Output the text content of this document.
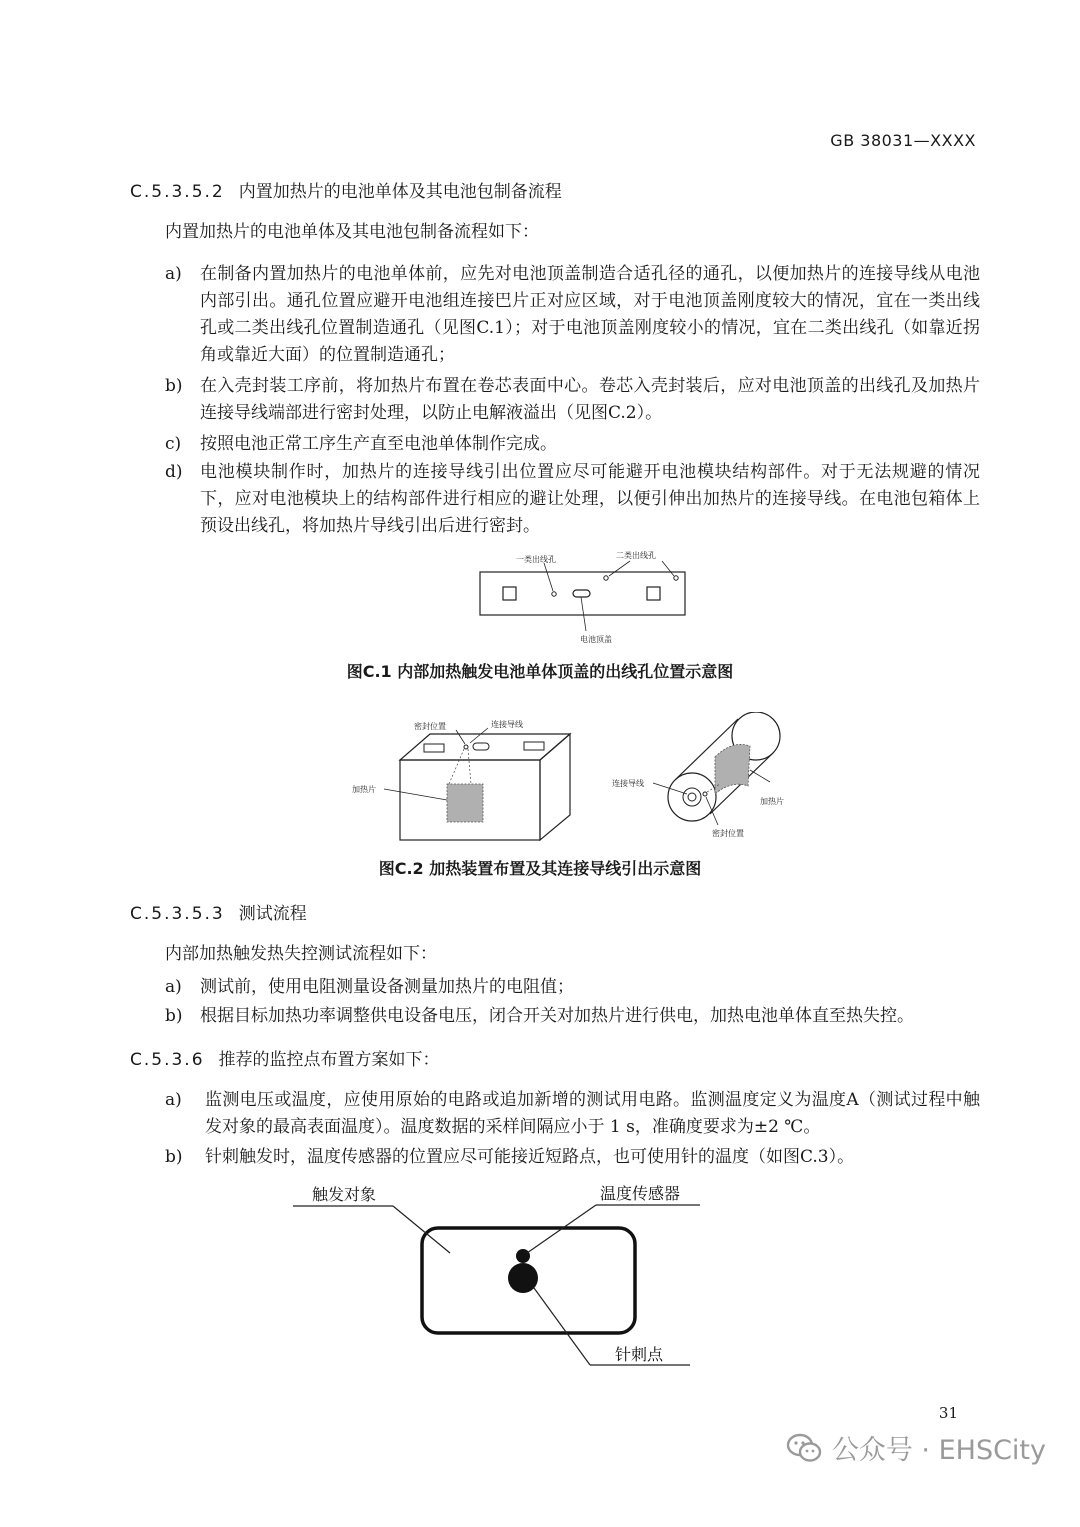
GB 38031—XXXX
C.5.3.5.2 内置加热片的电池单体及其电池包制备流程
内置加热片的电池单体及其电池包制备流程如下：
a) 在制备内置加热片的电池单体前，应先对电池顶盖制造合适孔径的通孔，以便加热片的连接导线从电池内部引出。通孔位置应避开电池组连接巴片正对应区域，对于电池顶盖刚度较大的情况，宜在一类出线孔或二类出线孔位置制造通孔（见图C.1）；对于电池顶盖刚度较小的情况，宜在二类出线孔（如靠近拐角或靠近大面）的位置制造通孔；
b) 在入壳封装工序前，将加热片布置在卷芯表面中心。卷芯入壳封装后，应对电池顶盖的出线孔及加热片连接导线端部进行密封处理，以防止电解液溢出（见图C.2）。
c) 按照电池正常工序生产直至电池单体制作完成。
d) 电池模块制作时，加热片的连接导线引出位置应尽可能避开电池模块结构部件。对于无法规避的情况下，应对电池模块上的结构部件进行相应的避让处理，以便引伸出加热片的连接导线。在电池包箱体上预设出线孔，将加热片导线引出后进行密封。
一类出线孔	二类出线孔
电池顶盖
图C.1 内部加热触发电池单体顶盖的出线孔位置示意图
密封位置	连接导线
加热片
连接导线
加热片
密封位置
图C.2 加热装置布置及其连接导线引出示意图
C.5.3.5.3 测试流程
内部加热触发热失控测试流程如下：
a) 测试前，使用电阻测量设备测量加热片的电阻值；
b) 根据目标加热功率调整供电设备电压，闭合开关对加热片进行供电，加热电池单体直至热失控。
C.5.3.6 推荐的监控点布置方案如下：
a) 监测电压或温度，应使用原始的电路或追加新增的测试用电路。监测温度定义为温度A（测试过程中触发对象的最高表面温度）。温度数据的采样间隔应小于 1 s，准确度要求为±2 ℃。
b) 针刺触发时，温度传感器的位置应尽可能接近短路点，也可使用针的温度（如图C.3）。
触发对象	温度传感器
针刺点
31
公众号 · EHSCity
